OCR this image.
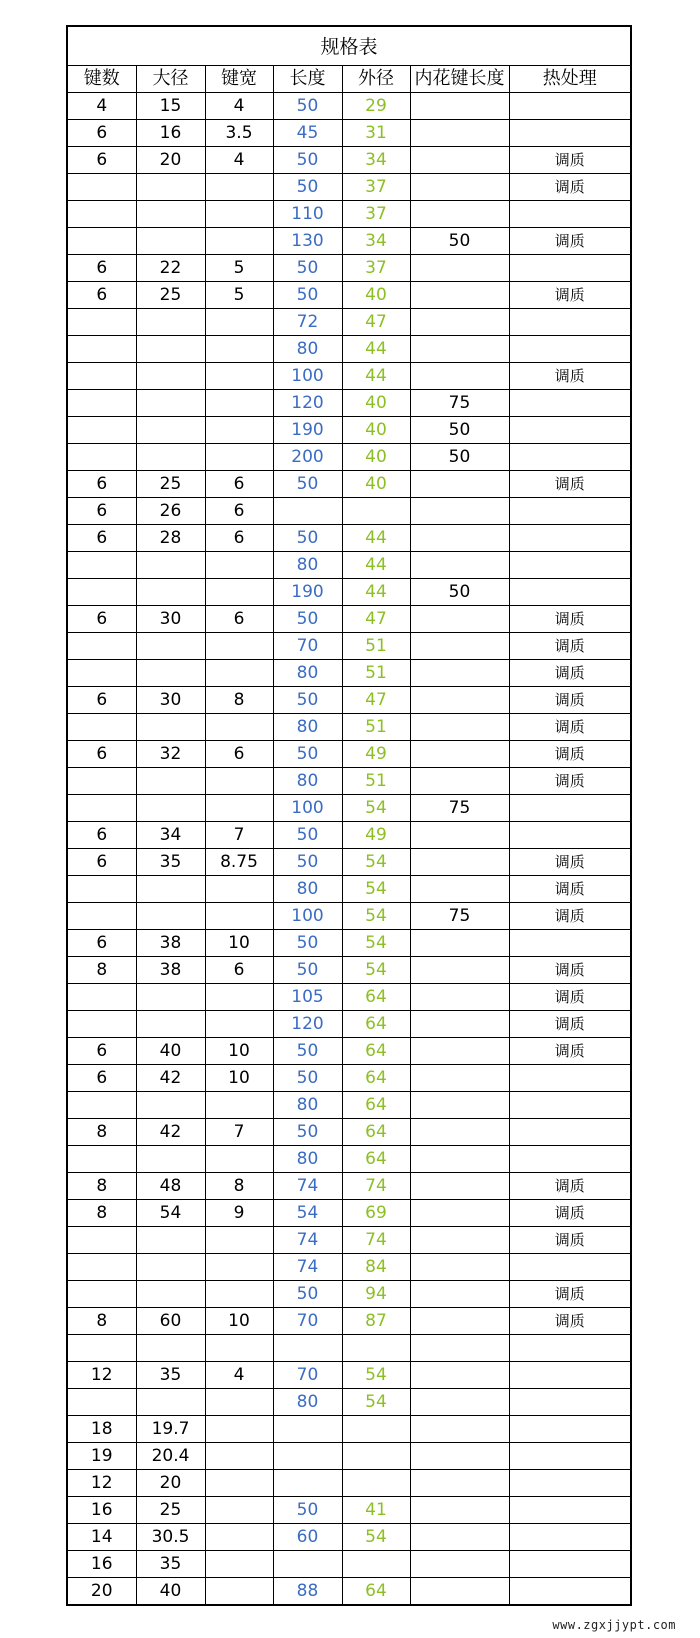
规格表
键数	大径	键宽	长度	外径	内花键长度	热处理
4	15	4	50	29		
6	16	3.5	45	31		
6	20	4	50	34		调质
			50	37		调质
			110	37		
			130	34	50	调质
6	22	5	50	37		
6	25	5	50	40		调质
			72	47		
			80	44		
			100	44		调质
			120	40	75	
			190	40	50	
			200	40	50	
6	25	6	50	40		调质
6	26	6				
6	28	6	50	44		
			80	44		
			190	44	50	
6	30	6	50	47		调质
			70	51		调质
			80	51		调质
6	30	8	50	47		调质
			80	51		调质
6	32	6	50	49		调质
			80	51		调质
			100	54	75	
6	34	7	50	49		
6	35	8.75	50	54		调质
			80	54		调质
			100	54	75	调质
6	38	10	50	54		
8	38	6	50	54		调质
			105	64		调质
			120	64		调质
6	40	10	50	64		调质
6	42	10	50	64		
			80	64		
8	42	7	50	64		
			80	64		
8	48	8	74	74		调质
8	54	9	54	69		调质
			74	74		调质
			74	84		
			50	94		调质
8	60	10	70	87		调质

12	35	4	70	54		
			80	54		
18	19.7					
19	20.4					
12	20					
16	25		50	41		
14	30.5		60	54		
16	35					
20	40		88	64		
www.zgxjjypt.com
